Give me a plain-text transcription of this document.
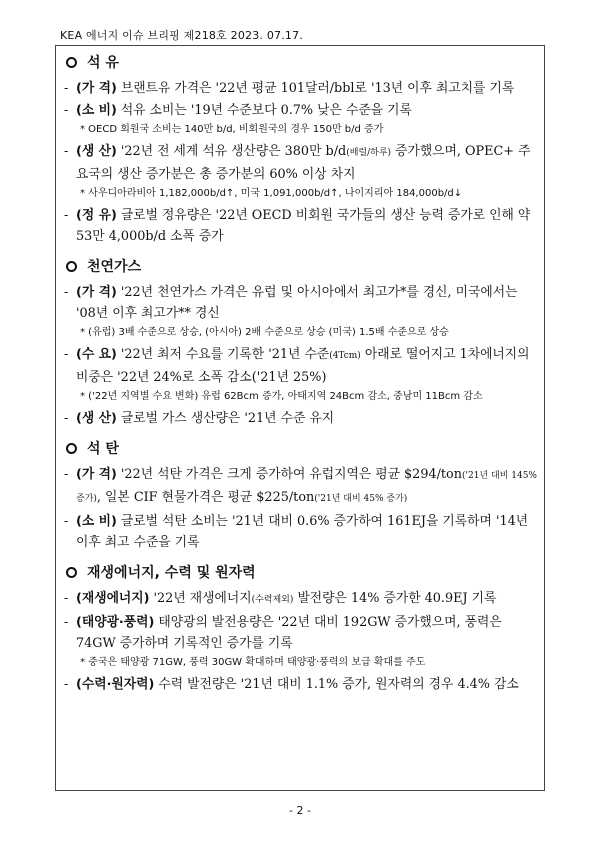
KEA 에너지 이슈 브리핑 제218호 2023. 07.17.
석 유
- (가 격) 브랜트유 가격은 '22년 평균 101달러/bbl로 '13년 이후 최고치를 기록
- (소 비) 석유 소비는 '19년 수준보다 0.7% 낮은 수준을 기록
* OECD 회원국 소비는 140만 b/d, 비회원국의 경우 150만 b/d 증가
- (생 산) '22년 전 세계 석유 생산량은 380만 b/d(배럴/하루) 증가했으며, OPEC+ 주요국의 생산 증가분은 총 증가분의 60% 이상 차지
* 사우디아라비아 1,182,000b/d↑, 미국 1,091,000b/d↑, 나이지리아 184,000b/d↓
- (정 유) 글로벌 정유량은 '22년 OECD 비회원 국가들의 생산 능력 증가로 인해 약 53만 4,000b/d 소폭 증가
천연가스
- (가 격) '22년 천연가스 가격은 유럽 및 아시아에서 최고가*를 경신, 미국에서는 '08년 이후 최고가** 경신
* (유럽) 3배 수준으로 상승, (아시아) 2배 수준으로 상승 (미국) 1.5배 수준으로 상승
- (수 요) '22년 최저 수요를 기록한 '21년 수준(4Tcm) 아래로 떨어지고 1차에너지의 비중은 '22년 24%로 소폭 감소('21년 25%)
* ('22년 지역별 수요 변화) 유럽 62Bcm 증가, 아태지역 24Bcm 감소, 중남미 11Bcm 감소
- (생 산) 글로벌 가스 생산량은 '21년 수준 유지
석 탄
- (가 격) '22년 석탄 가격은 크게 증가하여 유럽지역은 평균 $294/ton('21년 대비 145% 증가), 일본 CIF 현물가격은 평균 $225/ton('21년 대비 45% 증가)
- (소 비) 글로벌 석탄 소비는 '21년 대비 0.6% 증가하여 161EJ을 기록하며 '14년 이후 최고 수준을 기록
재생에너지, 수력 및 원자력
- (재생에너지) '22년 재생에너지(수력제외) 발전량은 14% 증가한 40.9EJ 기록
- (태양광·풍력) 태양광의 발전용량은 '22년 대비 192GW 증가했으며, 풍력은 74GW 증가하며 기록적인 증가를 기록
* 중국은 태양광 71GW, 풍력 30GW 확대하며 태양광·풍력의 보급 확대를 주도
- (수력·원자력) 수력 발전량은 '21년 대비 1.1% 증가, 원자력의 경우 4.4% 감소
- 2 -
